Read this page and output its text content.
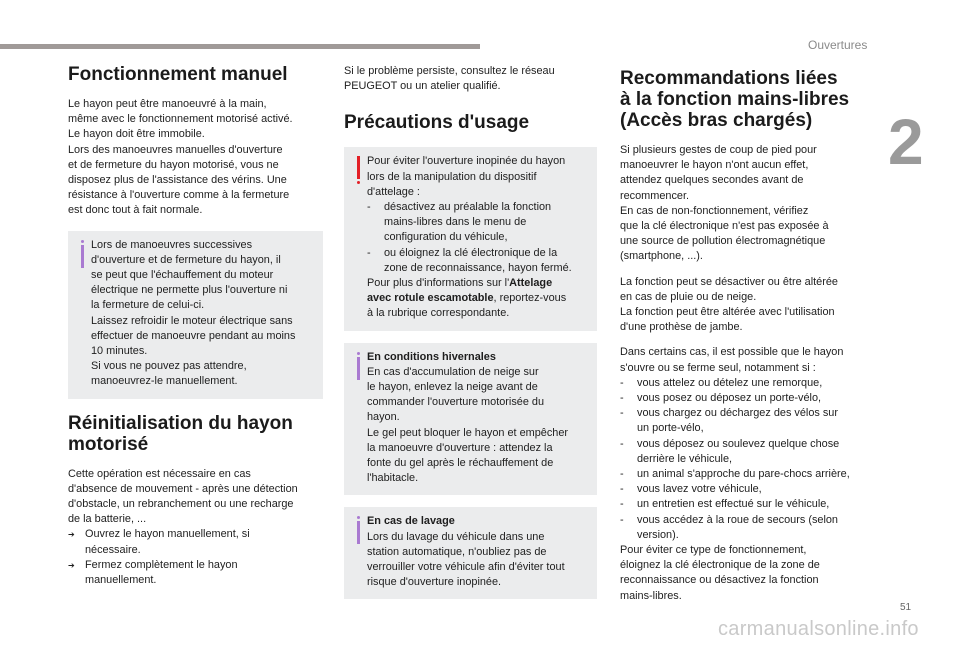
Ouvertures
2
Fonctionnement manuel

Le hayon peut être manoeuvré à la main,
même avec le fonctionnement motorisé activé.
Le hayon doit être immobile.
Lors des manoeuvres manuelles d'ouverture
et de fermeture du hayon motorisé, vous ne
disposez plus de l'assistance des vérins. Une
résistance à l'ouverture comme à la fermeture
est donc tout à fait normale.

Lors de manoeuvres successives
d'ouverture et de fermeture du hayon, il
se peut que l'échauffement du moteur
électrique ne permette plus l'ouverture ni
la fermeture de celui-ci.
Laissez refroidir le moteur électrique sans
effectuer de manoeuvre pendant au moins
10 minutes.
Si vous ne pouvez pas attendre,
manoeuvrez-le manuellement.

Réinitialisation du hayon
motorisé

Cette opération est nécessaire en cas
d'absence de mouvement - après une détection
d'obstacle, un rebranchement ou une recharge
de la batterie, ...

➔ Ouvrez le hayon manuellement, si
nécessaire.
➔ Fermez complètement le hayon
manuellement.

Si le problème persiste, consultez le réseau
PEUGEOT ou un atelier qualifié.

Précautions d'usage

Pour éviter l'ouverture inopinée du hayon
lors de la manipulation du dispositif
d'attelage :

- désactivez au préalable la fonction
mains-libres dans le menu de
configuration du véhicule,
- ou éloignez la clé électronique de la
zone de reconnaissance, hayon fermé.

Pour plus d'informations sur l'Attelage
avec rotule escamotable, reportez-vous
à la rubrique correspondante.

En conditions hivernales

En cas d'accumulation de neige sur
le hayon, enlevez la neige avant de
commander l'ouverture motorisée du
hayon.
Le gel peut bloquer le hayon et empêcher
la manoeuvre d'ouverture : attendez la
fonte du gel après le réchauffement de
l'habitacle.

En cas de lavage

Lors du lavage du véhicule dans une
station automatique, n'oubliez pas de
verrouiller votre véhicule afin d'éviter tout
risque d'ouverture inopinée.

Recommandations liées
à la fonction mains-libres
(Accès bras chargés)

Si plusieurs gestes de coup de pied pour
manoeuvrer le hayon n'ont aucun effet,
attendez quelques secondes avant de
recommencer.
En cas de non-fonctionnement, vérifiez
que la clé électronique n'est pas exposée à
une source de pollution électromagnétique
(smartphone, ...).

La fonction peut se désactiver ou être altérée
en cas de pluie ou de neige.
La fonction peut être altérée avec l'utilisation
d'une prothèse de jambe.

Dans certains cas, il est possible que le hayon
s'ouvre ou se ferme seul, notamment si :

- vous attelez ou dételez une remorque,
- vous posez ou déposez un porte-vélo,
- vous chargez ou déchargez des vélos sur
un porte-vélo,
- vous déposez ou soulevez quelque chose
derrière le véhicule,
- un animal s'approche du pare-chocs arrière,
- vous lavez votre véhicule,
- un entretien est effectué sur le véhicule,
- vous accédez à la roue de secours (selon
version).

Pour éviter ce type de fonctionnement,
éloignez la clé électronique de la zone de
reconnaissance ou désactivez la fonction
mains-libres.

51
carmanualsonline.info
